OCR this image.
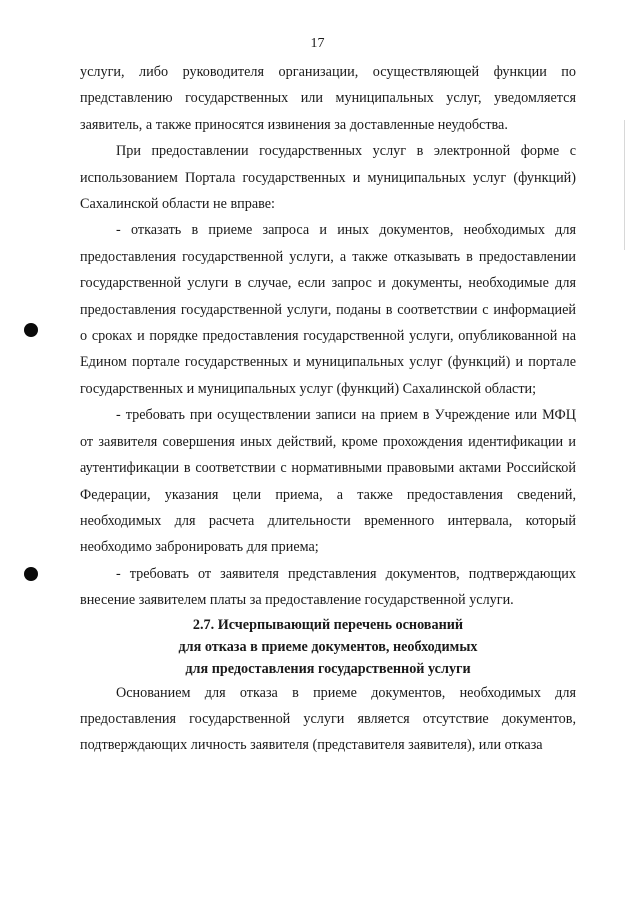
17

услуги, либо руководителя организации, осуществляющей функции по представлению государственных или муниципальных услуг, уведомляется заявитель, а также приносятся извинения за доставленные неудобства.

При предоставлении государственных услуг в электронной форме с использованием Портала государственных и муниципальных услуг (функций) Сахалинской области не вправе:

- отказать в приеме запроса и иных документов, необходимых для предоставления государственной услуги, а также отказывать в предоставлении государственной услуги в случае, если запрос и документы, необходимые для предоставления государственной услуги, поданы в соответствии с информацией о сроках и порядке предоставления государственной услуги, опубликованной на Едином портале государственных и муниципальных услуг (функций) и портале государственных и муниципальных услуг (функций) Сахалинской области;

- требовать при осуществлении записи на прием в Учреждение или МФЦ от заявителя совершения иных действий, кроме прохождения идентификации и аутентификации в соответствии с нормативными правовыми актами Российской Федерации, указания цели приема, а также предоставления сведений, необходимых для расчета длительности временного интервала, который необходимо забронировать для приема;

- требовать от заявителя представления документов, подтверждающих внесение заявителем платы за предоставление государственной услуги.

2.7. Исчерпывающий перечень оснований
для отказа в приеме документов, необходимых
для предоставления государственной услуги

Основанием для отказа в приеме документов, необходимых для предоставления государственной услуги является отсутствие документов, подтверждающих личность заявителя (представителя заявителя), или отказа
